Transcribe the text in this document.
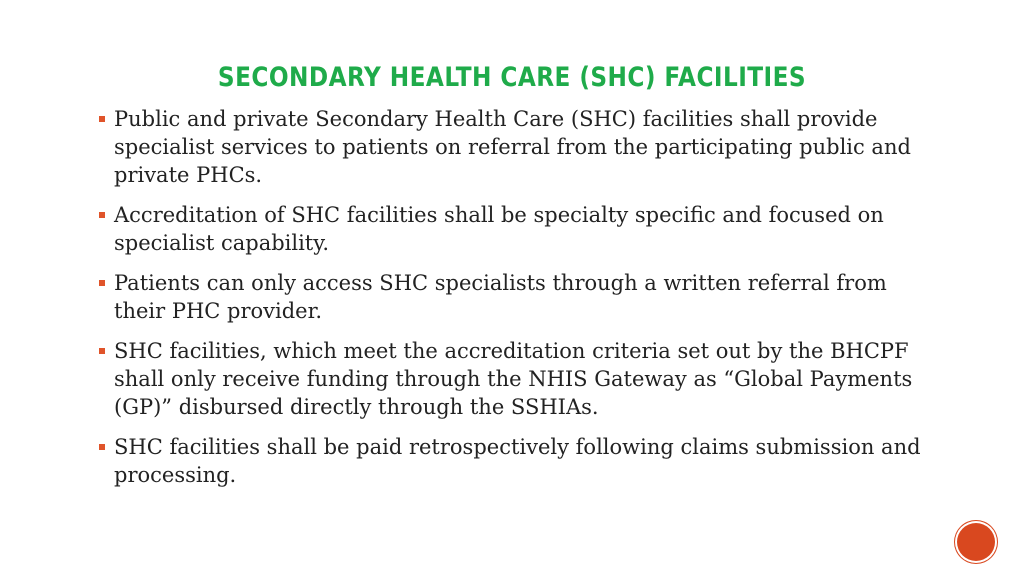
SECONDARY HEALTH CARE (SHC) FACILITIES
Public and private Secondary Health Care (SHC) facilities shall provide specialist services to patients on referral from the participating public and private PHCs.
Accreditation of SHC facilities shall be specialty specific and focused on specialist capability.
Patients can only access SHC specialists through a written referral from their PHC provider.
SHC facilities, which meet the accreditation criteria set out by the BHCPF shall only receive funding through the NHIS Gateway as “Global Payments (GP)” disbursed directly through the SSHIAs.
SHC facilities shall be paid retrospectively following claims submission and processing.
